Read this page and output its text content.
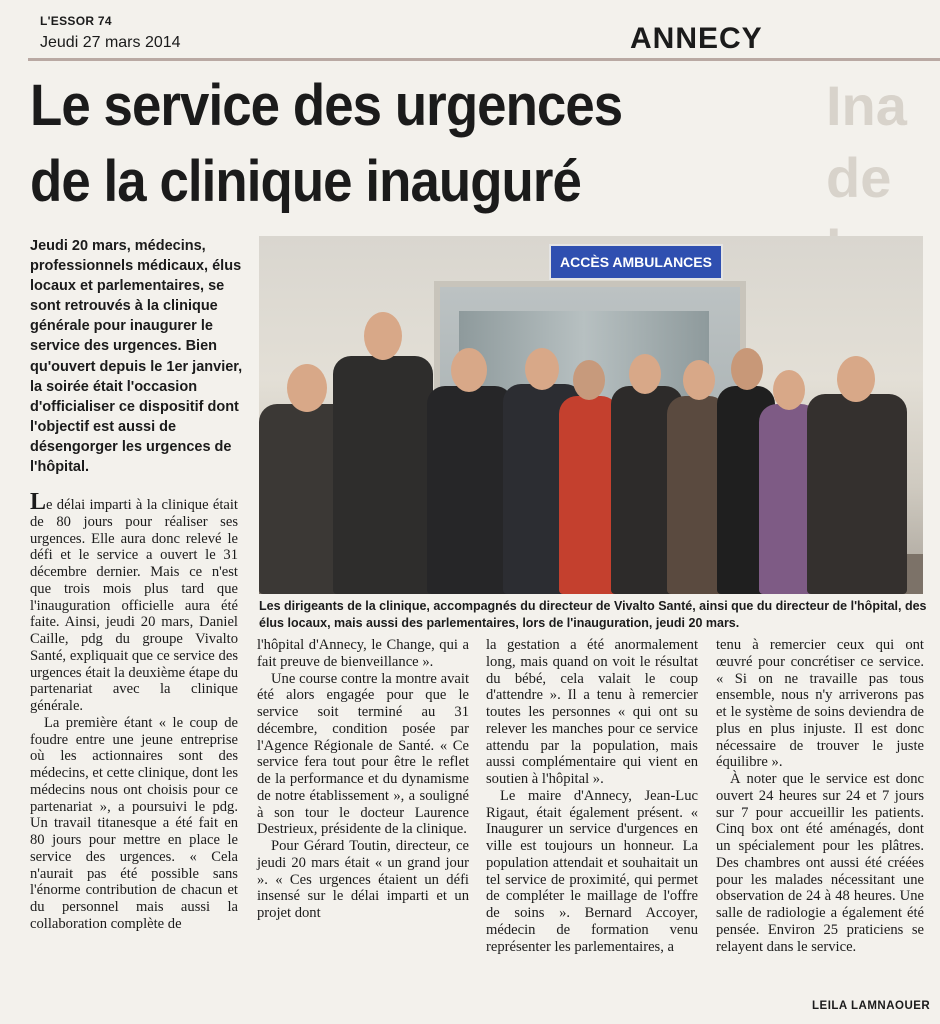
L'ESSOR 74
Jeudi 27 mars 2014	ANNECY
Ina
de
Le service des urgences
de la clinique inauguré

Jeudi 20 mars, médecins, professionnels médicaux, élus locaux et parlementaires, se sont retrouvés à la clinique générale pour inaugurer le service des urgences. Bien qu'ouvert depuis le 1er janvier, la soirée était l'occasion d'officialiser ce dispositif dont l'objectif est aussi de désengorger les urgences de l'hôpital.

ACCÈS AMBULANCES

Les dirigeants de la clinique, accompagnés du directeur de Vivalto Santé, ainsi que du directeur de l'hôpital, des élus locaux, mais aussi des parlementaires, lors de l'inauguration, jeudi 20 mars.

Le délai imparti à la clinique était de 80 jours pour réaliser ses urgences. Elle aura donc relevé le défi et le service a ouvert le 31 décembre dernier. Mais ce n'est que trois mois plus tard que l'inauguration officielle aura été faite. Ainsi, jeudi 20 mars, Daniel Caille, pdg du groupe Vivalto Santé, expliquait que ce service des urgences était la deuxième étape du partenariat avec la clinique générale.

La première étant « le coup de foudre entre une jeune entreprise où les actionnaires sont des médecins, et cette clinique, dont les médecins nous ont choisis pour ce partenariat », a poursuivi le pdg. Un travail titanesque a été fait en 80 jours pour mettre en place le service des urgences. « Cela n'aurait pas été possible sans l'énorme contribution de chacun et du personnel mais aussi la collaboration complète de

l'hôpital d'Annecy, le Change, qui a fait preuve de bienveillance ».

Une course contre la montre avait été alors engagée pour que le service soit terminé au 31 décembre, condition posée par l'Agence Régionale de Santé. « Ce service fera tout pour être le reflet de la performance et du dynamisme de notre établissement », a souligné à son tour le docteur Laurence Destrieux, présidente de la clinique.

Pour Gérard Toutin, directeur, ce jeudi 20 mars était « un grand jour ». « Ces urgences étaient un défi insensé sur le délai imparti et un projet dont

la gestation a été anormalement long, mais quand on voit le résultat du bébé, cela valait le coup d'attendre ». Il a tenu à remercier toutes les personnes « qui ont su relever les manches pour ce service attendu par la population, mais aussi complémentaire qui vient en soutien à l'hôpital ».

Le maire d'Annecy, Jean-Luc Rigaut, était également présent. « Inaugurer un service d'urgences en ville est toujours un honneur. La population attendait et souhaitait un tel service de proximité, qui permet de compléter le maillage de l'offre de soins ». Bernard Accoyer, médecin de formation venu représenter les parlementaires, a

tenu à remercier ceux qui ont œuvré pour concrétiser ce service. « Si on ne travaille pas tous ensemble, nous n'y arriverons pas et le système de soins deviendra de plus en plus injuste. Il est donc nécessaire de trouver le juste équilibre ».

À noter que le service est donc ouvert 24 heures sur 24 et 7 jours sur 7 pour accueillir les patients. Cinq box ont été aménagés, dont un spécialement pour les plâtres. Des chambres ont aussi été créées pour les malades nécessitant une observation de 24 à 48 heures. Une salle de radiologie a également été pensée. Environ 25 praticiens se relayent dans le service.

LEILA LAMNAOUER
